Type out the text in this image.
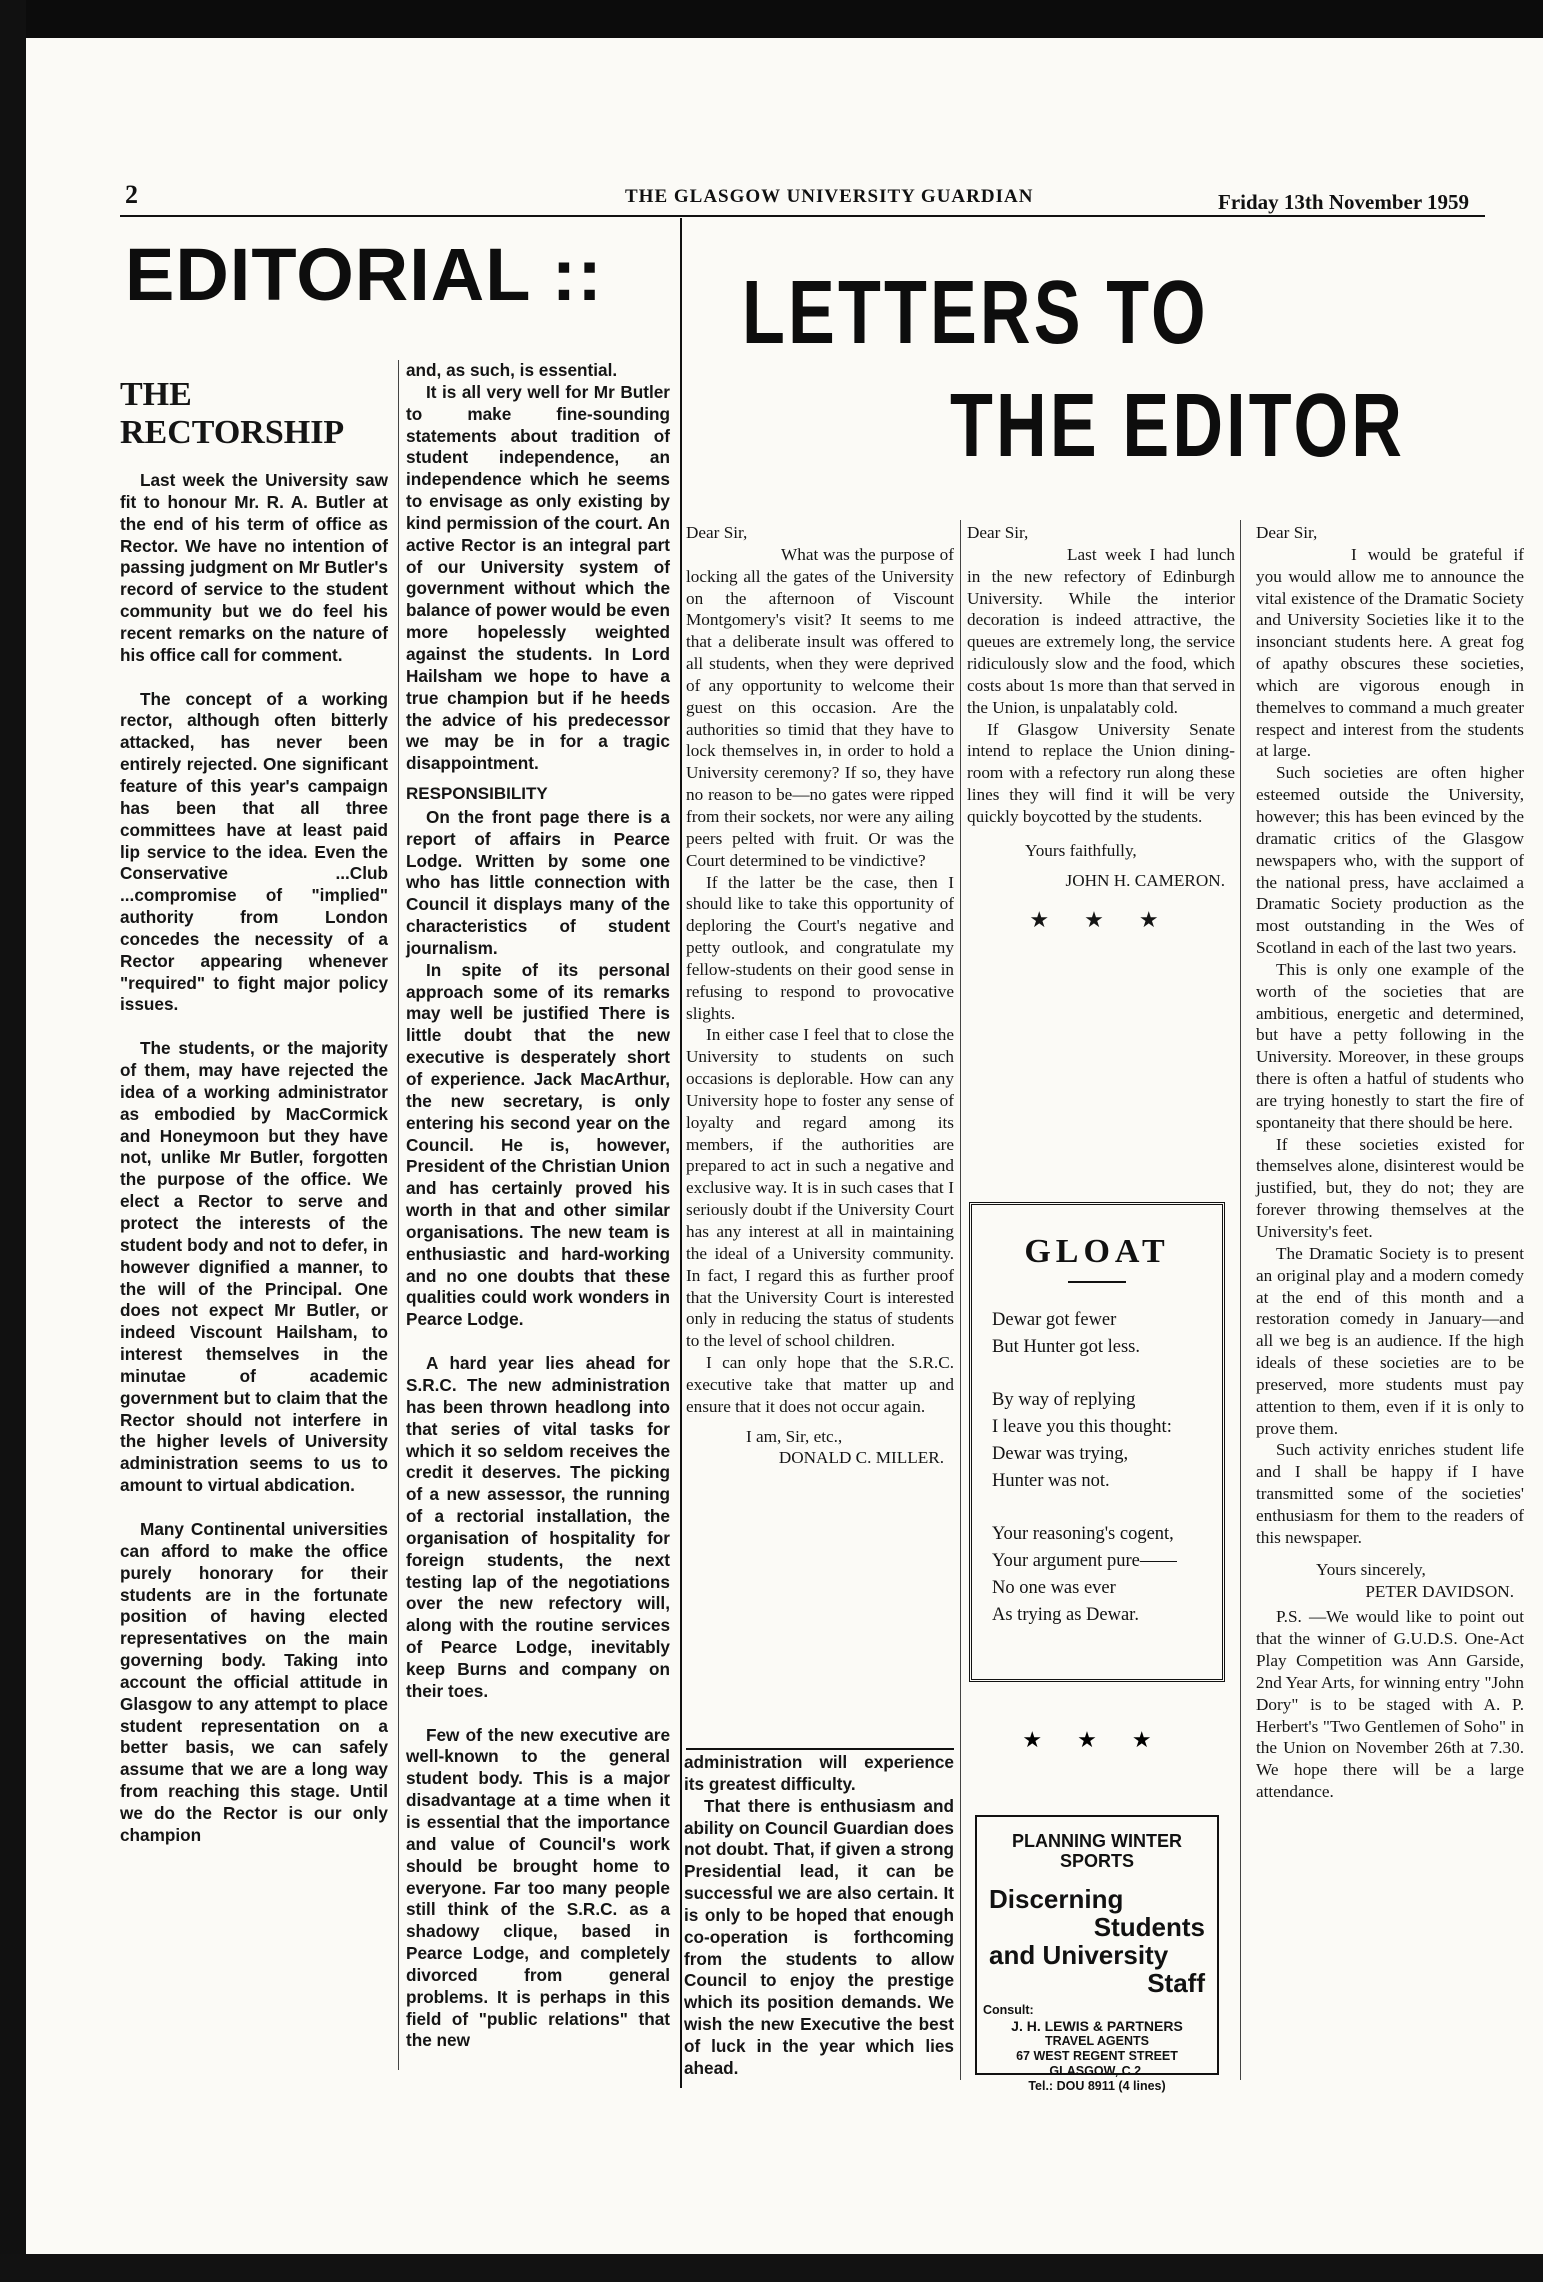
2	THE GLASGOW UNIVERSITY GUARDIAN	Friday 13th November 1959
EDITORIAL :: LETTERS TO
THE EDITOR
THE
RECTORSHIP

Last week the University saw fit to honour Mr. R. A. Butler at the end of his term of office as Rector. We have no intention of passing judgment on Mr Butler's record of service to the student community but we do feel his recent remarks on the nature of his office call for comment.

The concept of a working rector, although often bitterly attacked, has never been entirely rejected. One significant feature of this year's campaign has been that all three committees have at least paid lip service to the idea. Even the Conservative ...Club ...compromise of "implied" authority from London concedes the necessity of a Rector appearing whenever "required" to fight major policy issues.

The students, or the majority of them, may have rejected the idea of a working administrator as embodied by MacCormick and Honeymoon but they have not, unlike Mr Butler, forgotten the purpose of the office. We elect a Rector to serve and protect the interests of the student body and not to defer, in however dignified a manner, to the will of the Principal. One does not expect Mr Butler, or indeed Viscount Hailsham, to interest themselves in the minutae of academic government but to claim that the Rector should not interfere in the higher levels of University administration seems to us to amount to virtual abdication.

Many Continental universities can afford to make the office purely honorary for their students are in the fortunate position of having elected representatives on the main governing body. Taking into account the official attitude in Glasgow to any attempt to place student representation on a better basis, we can safely assume that we are a long way from reaching this stage. Until we do the Rector is our only champion

and, as such, is essential.

It is all very well for Mr Butler to make fine-sounding statements about tradition of student independence, an independence which he seems to envisage as only existing by kind permission of the court. An active Rector is an integral part of our University system of government without which the balance of power would be even more hopelessly weighted against the students. In Lord Hailsham we hope to have a true champion but if he heeds the advice of his predecessor we may be in for a tragic disappointment.

RESPONSIBILITY

On the front page there is a report of affairs in Pearce Lodge. Written by some one who has little connection with Council it displays many of the characteristics of student journalism.

In spite of its personal approach some of its remarks may well be justified There is little doubt that the new executive is desperately short of experience. Jack MacArthur, the new secretary, is only entering his second year on the Council. He is, however, President of the Christian Union and has certainly proved his worth in that and other similar organisations. The new team is enthusiastic and hard-working and no one doubts that these qualities could work wonders in Pearce Lodge.

A hard year lies ahead for S.R.C. The new administration has been thrown headlong into that series of vital tasks for which it so seldom receives the credit it deserves. The picking of a new assessor, the running of a rectorial installation, the organisation of hospitality for foreign students, the next testing lap of the negotiations over the new refectory will, along with the routine services of Pearce Lodge, inevitably keep Burns and company on their toes.

Few of the new executive are well-known to the general student body. This is a major disadvantage at a time when it is essential that the importance and value of Council's work should be brought home to everyone. Far too many people still think of the S.R.C. as a shadowy clique, based in Pearce Lodge, and completely divorced from general problems. It is perhaps in this field of "public relations" that the new

Dear Sir,

What was the purpose of locking all the gates of the University on the afternoon of Viscount Montgomery's visit? It seems to me that a deliberate insult was offered to all students, when they were deprived of any opportunity to welcome their guest on this occasion. Are the authorities so timid that they have to lock themselves in, in order to hold a University ceremony? If so, they have no reason to be—no gates were ripped from their sockets, nor were any ailing peers pelted with fruit. Or was the Court determined to be vindictive?

If the latter be the case, then I should like to take this opportunity of deploring the Court's negative and petty outlook, and congratulate my fellow-students on their good sense in refusing to respond to provocative slights.

In either case I feel that to close the University to students on such occasions is deplorable. How can any University hope to foster any sense of loyalty and regard among its members, if the authorities are prepared to act in such a negative and exclusive way. It is in such cases that I seriously doubt if the University Court has any interest at all in maintaining the ideal of a University community. In fact, I regard this as further proof that the University Court is interested only in reducing the status of students to the level of school children.

I can only hope that the S.R.C. executive take that matter up and ensure that it does not occur again.

I am, Sir, etc.,
DONALD C. MILLER.

administration will experience its greatest difficulty.

That there is enthusiasm and ability on Council Guardian does not doubt. That, if given a strong Presidential lead, it can be successful we are also certain. It is only to be hoped that enough co-operation is forthcoming from the students to allow Council to enjoy the prestige which its position demands. We wish the new Executive the best of luck in the year which lies ahead.

Dear Sir,

Last week I had lunch in the new refectory of Edinburgh University. While the interior decoration is indeed attractive, the queues are extremely long, the service ridiculously slow and the food, which costs about 1s more than that served in the Union, is unpalatably cold.

If Glasgow University Senate intend to replace the Union dining-room with a refectory run along these lines they will find it will be very quickly boycotted by the students.

Yours faithfully,
JOHN H. CAMERON.
★ ★ ★
GLOAT
Dewar got fewer
But Hunter got less.
By way of replying
I leave you this thought:
Dewar was trying,
Hunter was not.
Your reasoning's cogent,
Your argument pure——
No one was ever
As trying as Dewar.
★ ★ ★
PLANNING WINTER
SPORTS
Discerning
Students
and University
Staff
Consult:
J. H. LEWIS & PARTNERS
TRAVEL AGENTS
67 WEST REGENT STREET
GLASGOW, C.2.
Tel.: DOU 8911 (4 lines)
Dear Sir,

I would be grateful if you would allow me to announce the vital existence of the Dramatic Society and University Societies like it to the insonciant students here. A great fog of apathy obscures these societies, which are vigorous enough in themelves to command a much greater respect and interest from the students at large.

Such societies are often higher esteemed outside the University, however; this has been evinced by the dramatic critics of the Glasgow newspapers who, with the support of the national press, have acclaimed a Dramatic Society production as the most outstanding in the Wes of Scotland in each of the last two years.

This is only one example of the worth of the societies that are ambitious, energetic and determined, but have a petty following in the University. Moreover, in these groups there is often a hatful of students who are trying honestly to start the fire of spontaneity that there should be here.

If these societies existed for themselves alone, disinterest would be justified, but, they do not; they are forever throwing themselves at the University's feet.

The Dramatic Society is to present an original play and a modern comedy at the end of this month and a restoration comedy in January—and all we beg is an audience. If the high ideals of these societies are to be preserved, more students must pay attention to them, even if it is only to prove them.

Such activity enriches student life and I shall be happy if I have transmitted some of the societies' enthusiasm for them to the readers of this newspaper.

Yours sincerely,
PETER DAVIDSON.

P.S. —We would like to point out that the winner of G.U.D.S. One-Act Play Competition was Ann Garside, 2nd Year Arts, for winning entry "John Dory" is to be staged with A. P. Herbert's "Two Gentlemen of Soho" in the Union on November 26th at 7.30. We hope there will be a large attendance.
